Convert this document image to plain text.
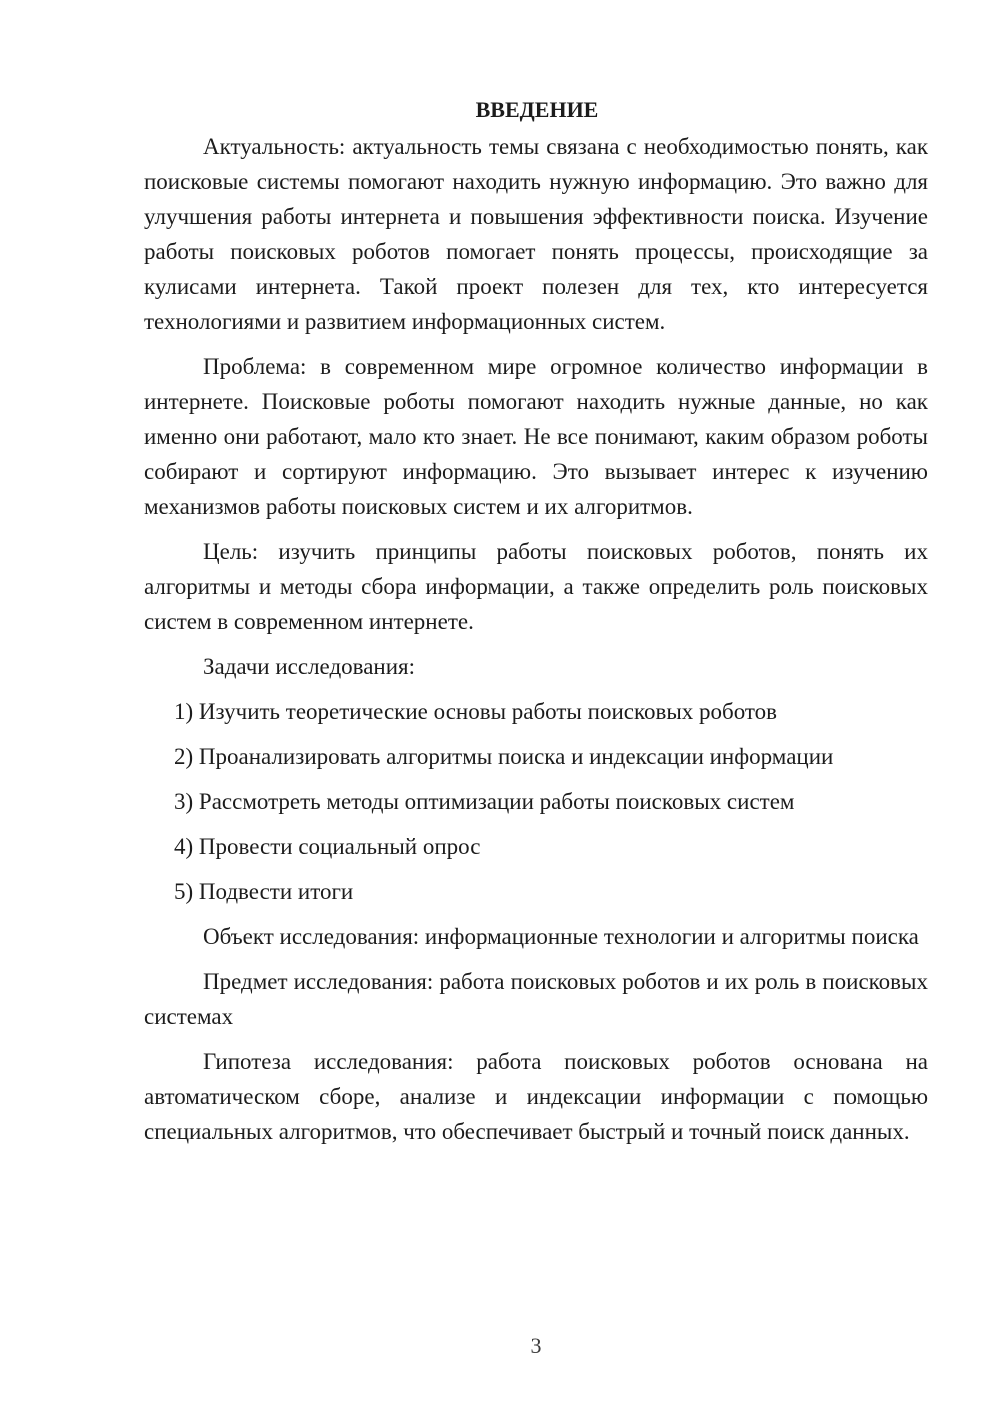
ВВЕДЕНИЕ

Актуальность: актуальность темы связана с необходимостью понять, как поисковые системы помогают находить нужную информацию. Это важно для улучшения работы интернета и повышения эффективности поиска. Изучение работы поисковых роботов помогает понять процессы, происходящие за кулисами интернета. Такой проект полезен для тех, кто интересуется технологиями и развитием информационных систем.

Проблема: в современном мире огромное количество информации в интернете. Поисковые роботы помогают находить нужные данные, но как именно они работают, мало кто знает. Не все понимают, каким образом роботы собирают и сортируют информацию. Это вызывает интерес к изучению механизмов работы поисковых систем и их алгоритмов.

Цель: изучить принципы работы поисковых роботов, понять их алгоритмы и методы сбора информации, а также определить роль поисковых систем в современном интернете.

Задачи исследования:
1) Изучить теоретические основы работы поисковых роботов
2) Проанализировать алгоритмы поиска и индексации информации
3) Рассмотреть методы оптимизации работы поисковых систем
4) Провести социальный опрос
5) Подвести итоги

Объект исследования: информационные технологии и алгоритмы поиска

Предмет исследования: работа поисковых роботов и их роль в поисковых системах

Гипотеза исследования: работа поисковых роботов основана на автоматическом сборе, анализе и индексации информации с помощью специальных алгоритмов, что обеспечивает быстрый и точный поиск данных.

3
